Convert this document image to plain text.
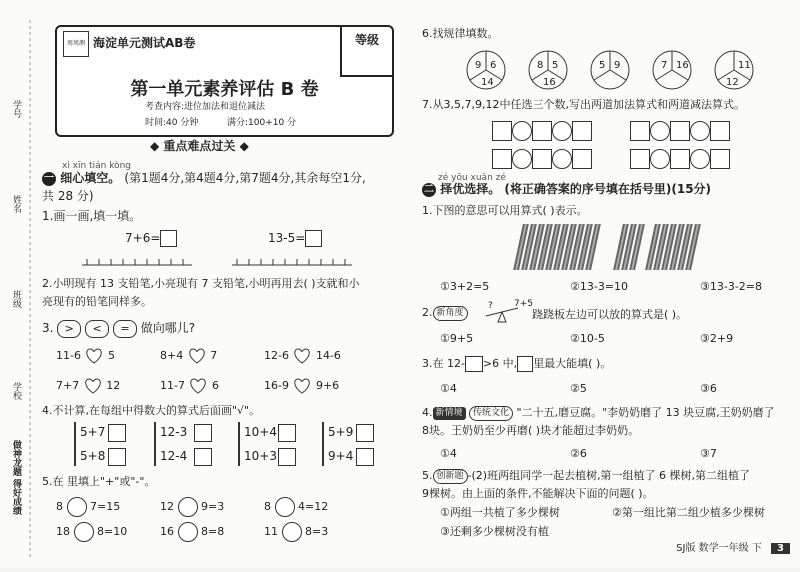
学号
姓名
班级
学校
做神龙题 得好成绩
周周测 海淀单元测试AB卷	等级
第一单元素养评估 B 卷
考查内容:进位加法和退位减法
时间:40 分钟	满分:100+10 分
◆ 重点难点过关 ◆
xì xīn tián kòng
一 细心填空。 (第1题4分,第4题4分,第7题4分,其余每空1分,
共 28 分)
1.画一画,填一填。
7+6=	13-5=
2.小明现有 13 支铅笔,小亮现有 7 支铅笔,小明再用去( )支就和小
亮现有的铅笔同样多。
3. > < = 做向哪儿?
11-6 5	8+4 7	12-6 14-6
7+7 12	11-7 6	16-9 9+6
4.不计算,在每组中得数大的算式后面画"√"。
5+7
5+8
12-3
12-4
10+4
10+3
5+9
9+4
5.在 里填上"+"或"-"。
8 7=15	12 9=3	8 4=12
18 8=10	16 8=8	11 8=3
6.找规律填数。
9 6
14
8 5
16
5 9	7 16	11
12
7.从3,5,7,9,12中任选三个数,写出两道加法算式和两道减法算式。
zé yōu xuǎn zé
二 择优选择。 (将正确答案的序号填在括号里)(15分)
1.下图的意思可以用算式( )表示。
①3+2=5	②13-3=10	③13-3-2=8
2. 新角度
? 7+5
跷跷板左边可以放的算式是( )。
①9+5	②10-5	③2+9
3.在 12- >6 中, 里最大能填( )。
①4	②5	③6
4. 新情境 传统文化 "二十五,磨豆腐。"李奶奶磨了 13 块豆腐,王奶奶磨了
8块。王奶奶至少再磨( )块才能超过李奶奶。
①4	②6	③7
5. 创新题 -(2)班两组同学一起去植树,第一组植了 6 棵树,第二组植了
9棵树。由上面的条件,不能解决下面的问题( )。
①两组一共植了多少棵树	②第一组比第二组少植多少棵树
③还剩多少棵树没有植
SJ版 数学一年级 下 3
